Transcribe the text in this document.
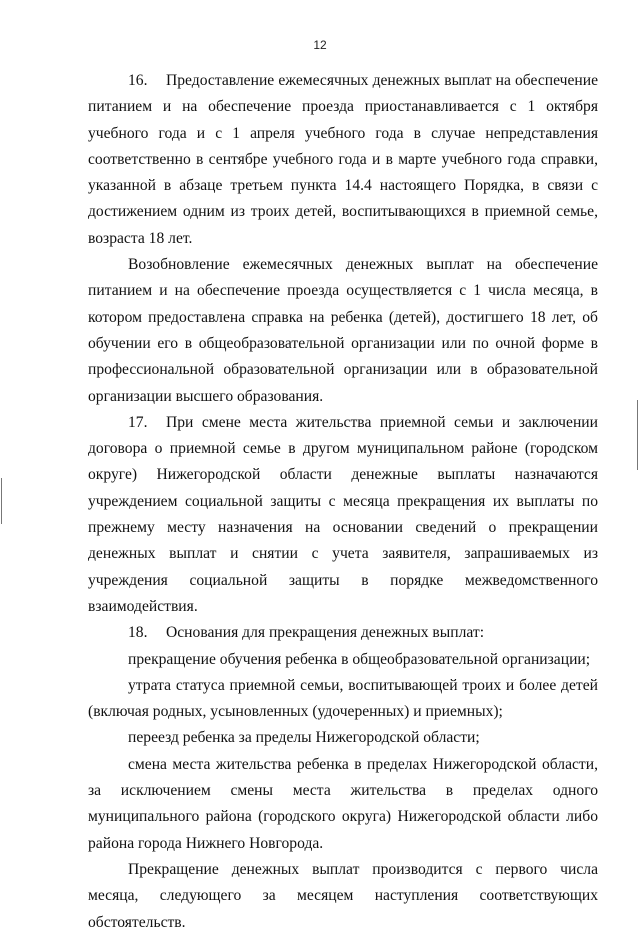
12

16. Предоставление ежемесячных денежных выплат на обеспечение питанием и на обеспечение проезда приостанавливается с 1 октября учебного года и с 1 апреля учебного года в случае непредставления соответственно в сентябре учебного года и в марте учебного года справки, указанной в абзаце третьем пункта 14.4 настоящего Порядка, в связи с достижением одним из троих детей, воспитывающихся в приемной семье, возраста 18 лет.

Возобновление ежемесячных денежных выплат на обеспечение питанием и на обеспечение проезда осуществляется с 1 числа месяца, в котором предоставлена справка на ребенка (детей), достигшего 18 лет, об обучении его в общеобразовательной организации или по очной форме в профессиональной образовательной организации или в образовательной организации высшего образования.

17. При смене места жительства приемной семьи и заключении договора о приемной семье в другом муниципальном районе (городском округе) Нижегородской области денежные выплаты назначаются учреждением социальной защиты с месяца прекращения их выплаты по прежнему месту назначения на основании сведений о прекращении денежных выплат и снятии с учета заявителя, запрашиваемых из учреждения социальной защиты в порядке межведомственного взаимодействия.

18. Основания для прекращения денежных выплат:

прекращение обучения ребенка в общеобразовательной организации;

утрата статуса приемной семьи, воспитывающей троих и более детей (включая родных, усыновленных (удочеренных) и приемных);

переезд ребенка за пределы Нижегородской области;

смена места жительства ребенка в пределах Нижегородской области, за исключением смены места жительства в пределах одного муниципального района (городского округа) Нижегородской области либо района города Нижнего Новгорода.

Прекращение денежных выплат производится с первого числа месяца, следующего за месяцем наступления соответствующих обстоятельств.
